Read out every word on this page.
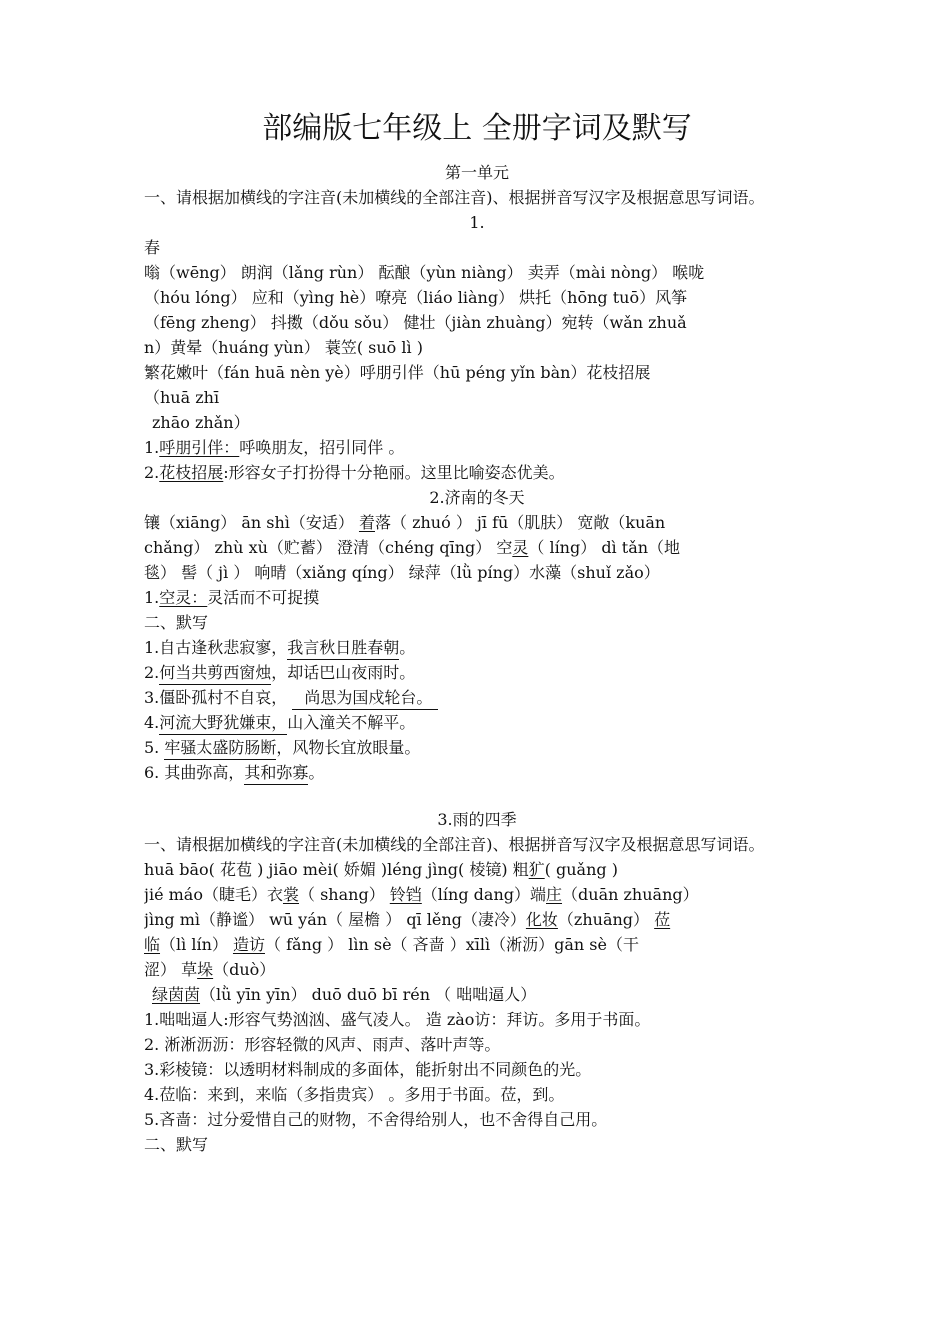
部编版七年级上 全册字词及默写
第一单元
一、请根据加横线的字注音(未加横线的全部注音)、根据拼音写汉字及根据意思写词语。
1.
春
嗡（wēng） 朗润（lǎng rùn） 酝酿（yùn niàng） 卖弄（mài nòng） 喉咙
（hóu lóng） 应和（yìng hè）嘹亮（liáo liàng） 烘托（hōng tuō）风筝
（fēng zheng） 抖擞（dǒu sǒu） 健壮（jiàn zhuàng）宛转（wǎn zhuǎ
n）黄晕（huáng yùn） 蓑笠( suō lì )
繁花嫩叶（fán huā nèn yè）呼朋引伴（hū péng yǐn bàn）花枝招展
（huā zhī
zhāo zhǎn）
1.呼朋引伴：呼唤朋友，招引同伴 。
2.花枝招展:形容女子打扮得十分艳丽。这里比喻姿态优美。
2.济南的冬天
镶（xiāng） ān shì（安适） 着落（ zhuó ） jī fū（肌肤） 宽敞（kuān
chǎng） zhù xù（贮蓄） 澄清（chéng qīng） 空灵（ líng） dì tǎn（地
毯） 髻（ jì ） 响晴（xiǎng qíng） 绿萍（lǜ píng）水藻（shuǐ zǎo）
1.空灵：灵活而不可捉摸
二、默写
1.自古逢秋悲寂寥，我言秋日胜春朝。
2.何当共剪西窗烛，却话巴山夜雨时。
3.僵卧孤村不自哀， 尚思为国戍轮台。
4.河流大野犹嫌束，山入潼关不解平。
5. 牢骚太盛防肠断，风物长宜放眼量。
6. 其曲弥高，其和弥寡。
3.雨的四季
一、请根据加横线的字注音(未加横线的全部注音)、根据拼音写汉字及根据意思写词语。
huā bāo( 花苞 ) jiāo mèi( 娇媚 )léng jìng( 棱镜) 粗犷( guǎng )
jié máo（睫毛）衣裳（ shang） 铃铛（líng dang）端庄（duān zhuāng）
jìng mì（静谧） wū yán（ 屋檐 ） qī lěng（凄冷）化妆（zhuāng） 莅
临（lì lín） 造访（ fǎng ） lìn sè（ 吝啬 ）xīlì（淅沥）gān sè（干
涩） 草垛（duò）
绿茵茵（lǜ yīn yīn） duō duō bī rén （ 咄咄逼人）
1.咄咄逼人:形容气势汹汹、盛气凌人。 造 zào访：拜访。多用于书面。
2. 淅淅沥沥：形容轻微的风声、雨声、落叶声等。
3.彩棱镜：以透明材料制成的多面体，能折射出不同颜色的光。
4.莅临：来到，来临（多指贵宾） 。多用于书面。莅，到。
5.吝啬：过分爱惜自己的财物，不舍得给别人，也不舍得自己用。
二、默写
